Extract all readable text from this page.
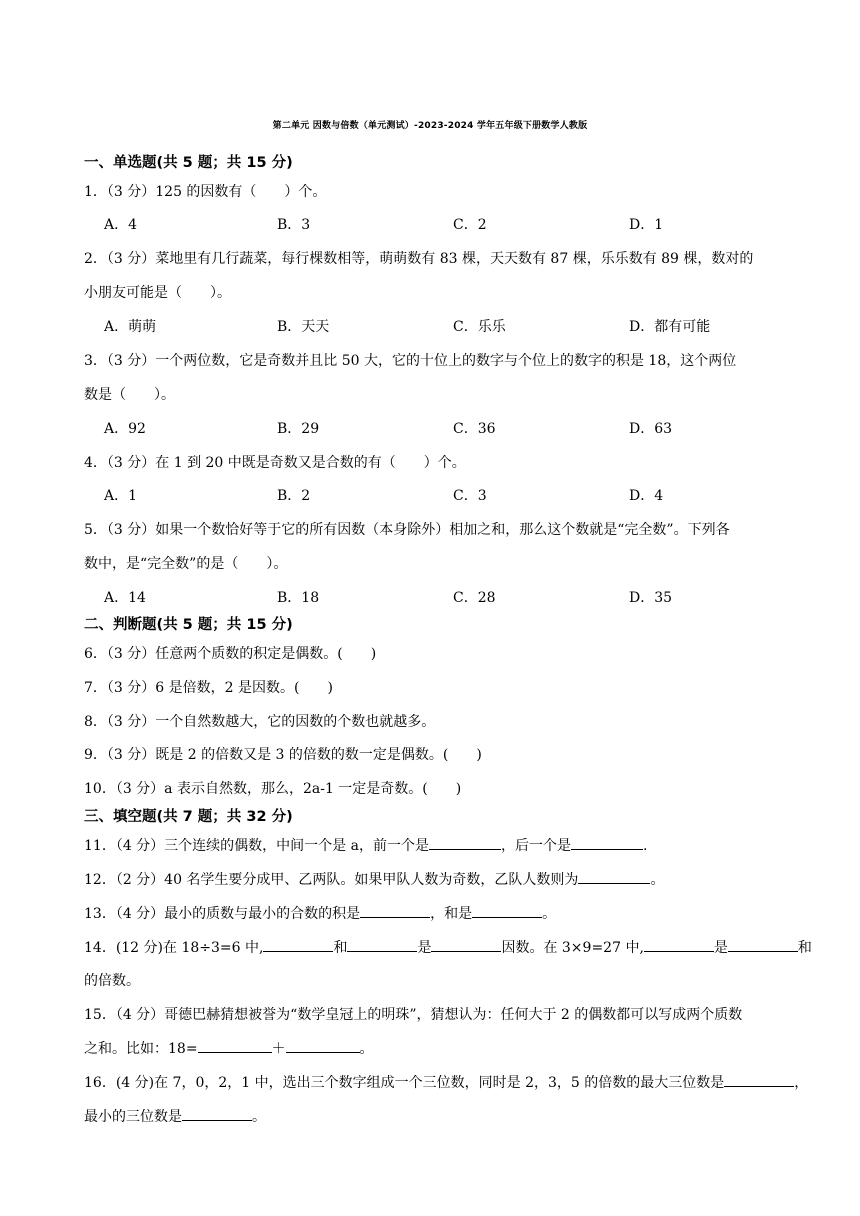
第二单元 因数与倍数（单元测试）-2023-2024 学年五年级下册数学人教版
一、单选题(共 5 题；共 15 分)
1．（3 分）125 的因数有（　　）个。
A．4	B．3	C．2	D．1
2．（3 分）菜地里有几行蔬菜，每行棵数相等，萌萌数有 83 棵，天天数有 87 棵，乐乐数有 89 棵，数对的
小朋友可能是（　　）。
A．萌萌	B．天天	C．乐乐	D．都有可能
3．（3 分）一个两位数，它是奇数并且比 50 大，它的十位上的数字与个位上的数字的积是 18，这个两位
数是（　　）。
A．92	B．29	C．36	D．63
4．（3 分）在 1 到 20 中既是奇数又是合数的有（　　）个。
A．1	B．2	C．3	D．4
5．（3 分）如果一个数恰好等于它的所有因数（本身除外）相加之和，那么这个数就是“完全数”。下列各
数中，是“完全数”的是（　　）。
A．14	B．18	C．28	D．35
二、判断题(共 5 题；共 15 分)
6．（3 分）任意两个质数的积定是偶数。(　　)
7．（3 分）6 是倍数，2 是因数。(　　)
8．（3 分）一个自然数越大，它的因数的个数也就越多。
9．（3 分）既是 2 的倍数又是 3 的倍数的数一定是偶数。(　　)
10．（3 分）a 表示自然数，那么，2a-1 一定是奇数。(　　)
三、填空题(共 7 题；共 32 分)
11．（4 分）三个连续的偶数，中间一个是 a，前一个是	，后一个是	.
12．（2 分）40 名学生要分成甲、乙两队。如果甲队人数为奇数，乙队人数则为	。
13．（4 分）最小的质数与最小的合数的积是	，和是	。
14．(12 分)在 18÷3=6 中,	和	是	因数。在 3×9=27 中,	是	和
的倍数。
15．（4 分）哥德巴赫猜想被誉为“数学皇冠上的明珠”，猜想认为：任何大于 2 的偶数都可以写成两个质数
之和。比如：18=	＋	。
16．(4 分)在 7，0，2，1 中，选出三个数字组成一个三位数，同时是 2，3，5 的倍数的最大三位数是	，
最小的三位数是	。
